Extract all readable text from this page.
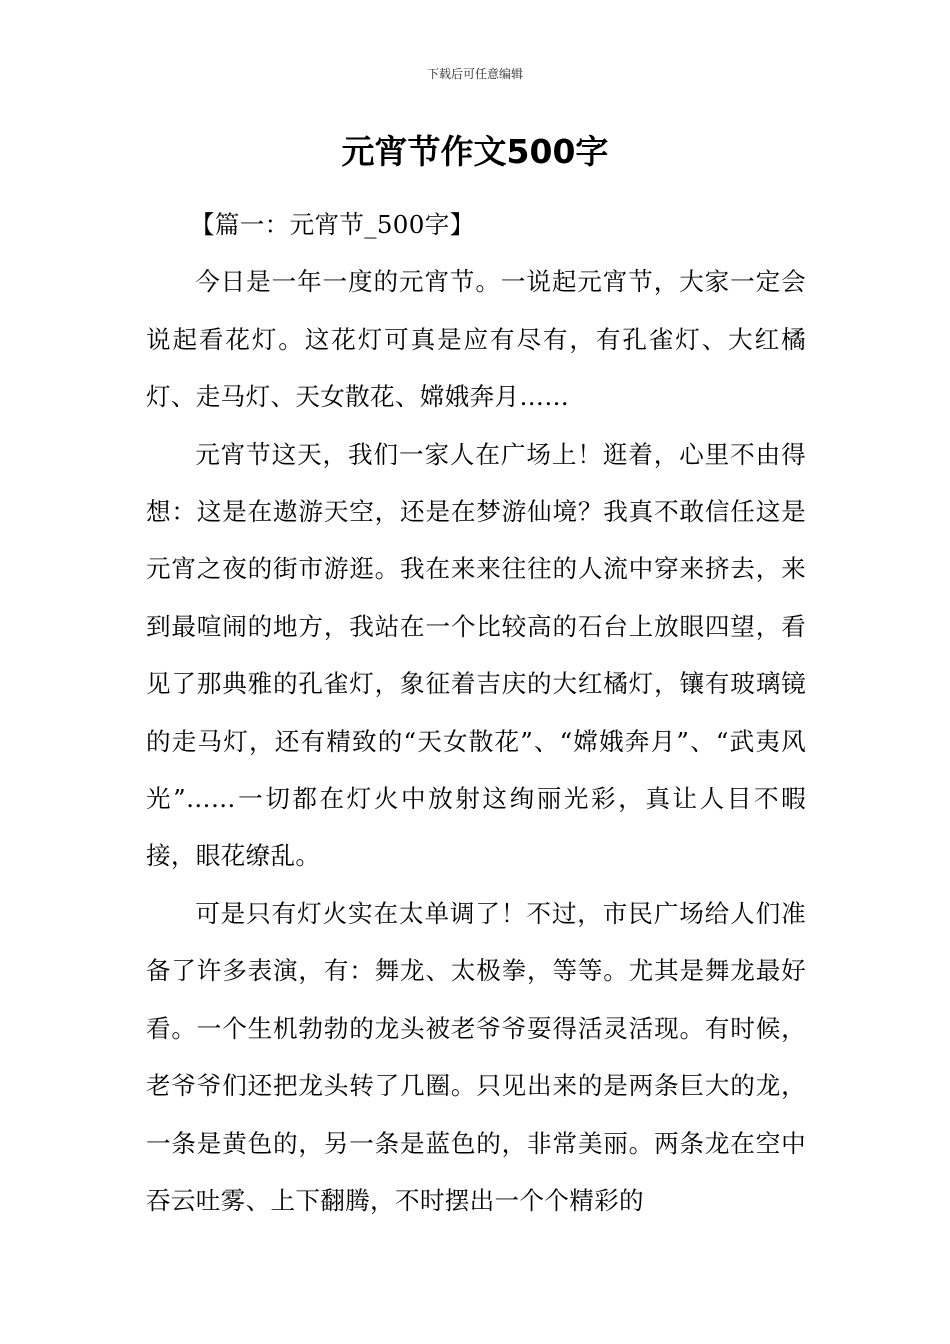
下载后可任意编辑
元宵节作文500字
【篇一：元宵节_500字】

今日是一年一度的元宵节。一说起元宵节，大家一定会说起看花灯。这花灯可真是应有尽有，有孔雀灯、大红橘灯、走马灯、天女散花、嫦娥奔月……

元宵节这天，我们一家人在广场上！逛着，心里不由得想：这是在遨游天空，还是在梦游仙境？我真不敢信任这是元宵之夜的街市游逛。我在来来往往的人流中穿来挤去，来到最喧闹的地方，我站在一个比较高的石台上放眼四望，看见了那典雅的孔雀灯，象征着吉庆的大红橘灯，镶有玻璃镜的走马灯，还有精致的“天女散花”、“嫦娥奔月”、“武夷风光”……一切都在灯火中放射这绚丽光彩，真让人目不暇接，眼花缭乱。

可是只有灯火实在太单调了！不过，市民广场给人们准备了许多表演，有：舞龙、太极拳，等等。尤其是舞龙最好看。一个生机勃勃的龙头被老爷爷耍得活灵活现。有时候，老爷爷们还把龙头转了几圈。只见出来的是两条巨大的龙，一条是黄色的，另一条是蓝色的，非常美丽。两条龙在空中吞云吐雾、上下翻腾，不时摆出一个个精彩的
